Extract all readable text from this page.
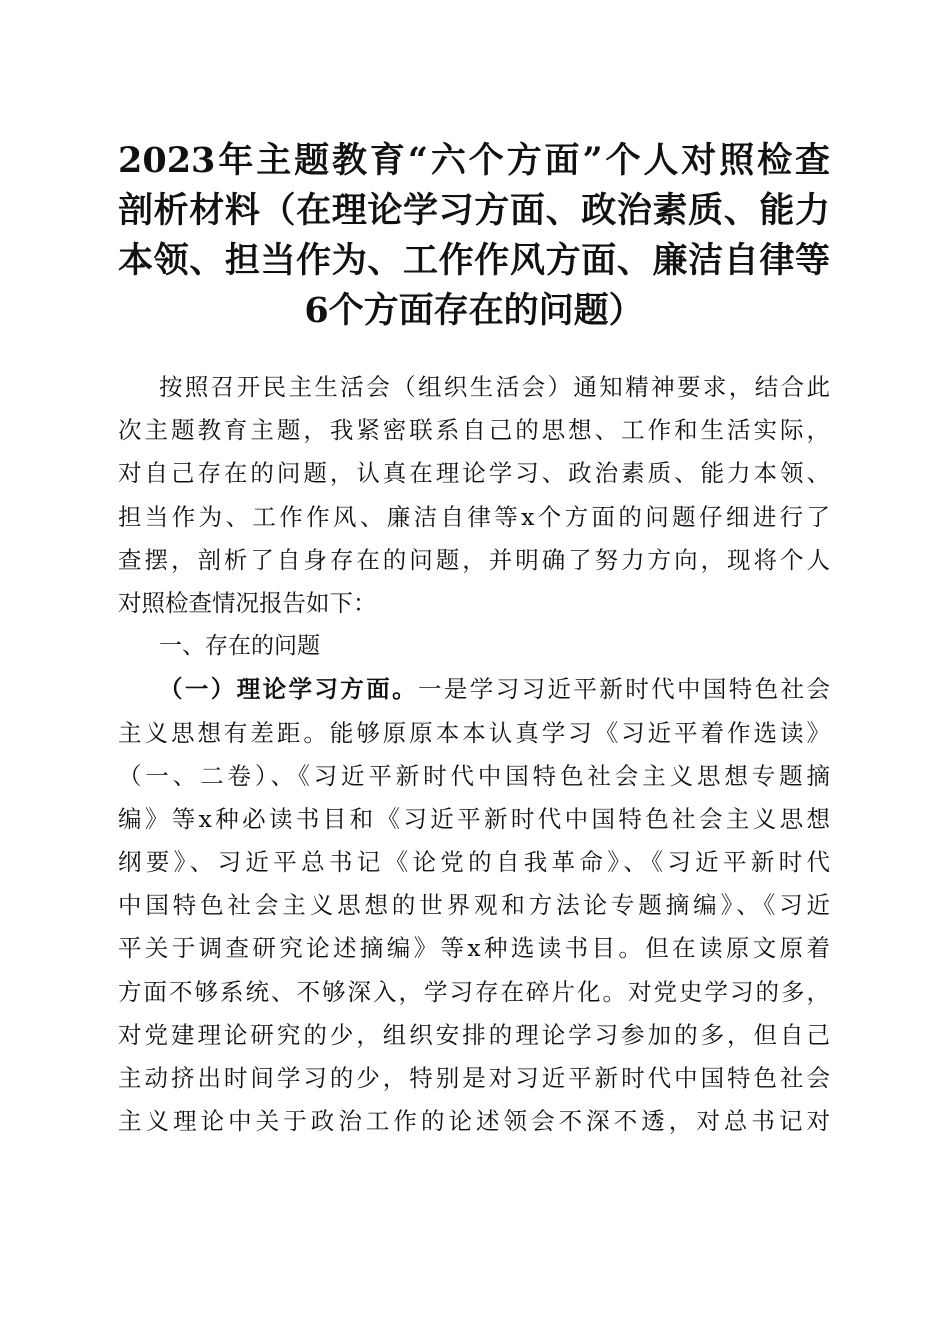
2023年主题教育“六个方面”个人对照检查
剖析材料（在理论学习方面、政治素质、能力
本领、担当作为、工作作风方面、廉洁自律等
6个方面存在的问题）
按照召开民主生活会（组织生活会）通知精神要求，结合此
次主题教育主题，我紧密联系自己的思想、工作和生活实际，
对自己存在的问题，认真在理论学习、政治素质、能力本领、
担当作为、工作作风、廉洁自律等x个方面的问题仔细进行了
查摆，剖析了自身存在的问题，并明确了努力方向，现将个人
对照检查情况报告如下：
一、存在的问题
（一）理论学习方面。一是学习习近平新时代中国特色社会
主义思想有差距。能够原原本本认真学习《习近平着作选读》
（一、二卷）、《习近平新时代中国特色社会主义思想专题摘
编》等x种必读书目和《习近平新时代中国特色社会主义思想
纲要》、习近平总书记《论党的自我革命》、《习近平新时代
中国特色社会主义思想的世界观和方法论专题摘编》、《习近
平关于调查研究论述摘编》等x种选读书目。但在读原文原着
方面不够系统、不够深入，学习存在碎片化。对党史学习的多，
对党建理论研究的少，组织安排的理论学习参加的多，但自己
主动挤出时间学习的少，特别是对习近平新时代中国特色社会
主义理论中关于政治工作的论述领会不深不透，对总书记对
